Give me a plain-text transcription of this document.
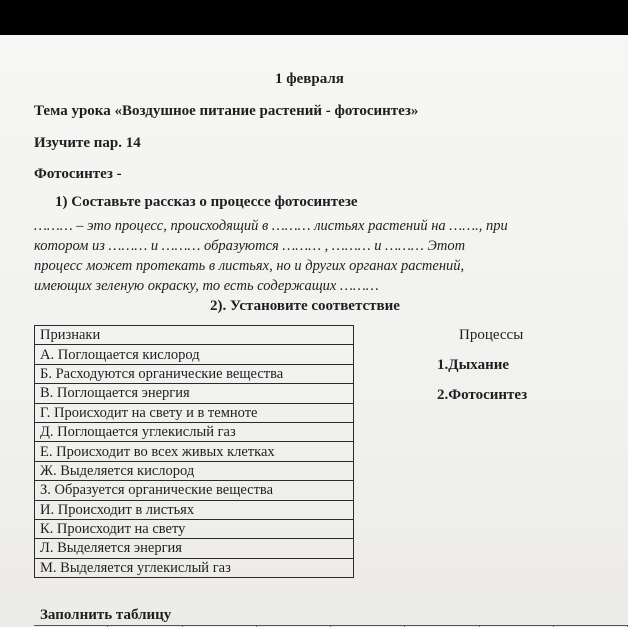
1 февраля
Тема урока «Воздушное питание растений - фотосинтез»
Изучите пар. 14
Фотосинтез -
1) Составьте рассказ о процессе фотосинтезе
……… – это процесс, происходящий в ……… листьях растений на ……., при
котором из ……… и ……… образуются ……… , ……… и ……… Этот
процесс может протекать в листьях, но и других органах растений,
имеющих зеленую окраску, то есть содержащих ………
2). Установите соответствие
Признаки
А. Поглощается кислород
Б. Расходуются органические вещества
В. Поглощается энергия
Г. Происходит на свету и в темноте
Д. Поглощается углекислый газ
Е. Происходит во всех живых клетках
Ж. Выделяется кислород
З. Образуется органические вещества
И. Происходит в листьях
К. Происходит на свету
Л. Выделяется энергия
М. Выделяется углекислый газ
Процессы
1.Дыхание
2.Фотосинтез
Заполнить таблицу
